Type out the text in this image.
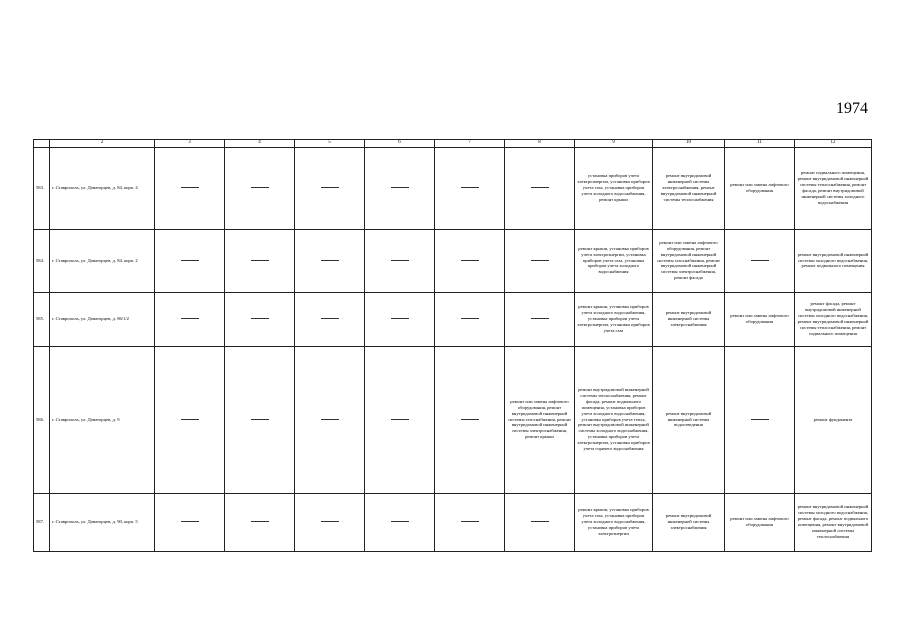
1974
	2	3	4	5	6	7	8	9	10	11	12
583.	г. Ставрополь, ул. Доваторцев, д. 84, корп. 4							установка приборов учета электроэнергии, установка приборов учета газа, установка приборов учета холодного водоснабжения, ремонт крыши	ремонт внутридомовой инженерной системы электроснабжения, ремонт внутридомовой инженерной системы теплоснабжения	ремонт или замена лифтового оборудования	ремонт подвального помещения, ремонт внутридомовой инженерной системы теплоснабжения, ремонт фасада, ремонт внутридомовой инженерной системы холодного водоснабжения
584.	г. Ставрополь, ул. Доваторцев, д. 84, корп. 2							ремонт крыши, установка приборов учета электроэнергии, установка приборов учета газа, установка приборов учета холодного водоснабжения	ремонт или замена лифтового оборудования, ремонт внутридомовой инженерной системы газоснабжения, ремонт внутридомовой инженерной системы электроснабжения, ремонт фасада		ремонт внутридомовой инженерной системы холодного водоснабжения, ремонт подвального помещения
585.	г. Ставрополь, ул. Доваторцев, д. 86/1/2							ремонт крыши, установка приборов учета холодного водоснабжения, установка приборов учета электроэнергии, установка приборов учета газа	ремонт внутридомовой инженерной системы электроснабжения	ремонт или замена лифтового оборудования	ремонт фасада, ремонт внутридомовой инженерной системы холодного водоснабжения, ремонт внутридомовой инженерной системы теплоснабжения, ремонт подвального помещения
586.	г. Ставрополь, ул. Доваторцев, д. 9						ремонт или замена лифтового оборудования, ремонт внутридомовой инженерной системы газоснабжения, ремонт внутридомовой инженерной системы электроснабжения, ремонт крыши	ремонт внутридомовой инженерной системы теплоснабжения, ремонт фасада, ремонт подвального помещения, установка приборов учета холодного водоснабжения, установка приборов учета тепла, ремонт внутридомовой инженерной системы холодного водоснабжения, установка приборов учета электроэнергии, установка приборов учета горячего водоснабжения	ремонт внутридомовой инженерной системы водоотведения		ремонт фундамента
587.	г. Ставрополь, ул. Доваторцев, д. 90, корп. 5							ремонт крыши, установка приборов учета газа, установка приборов учета холодного водоснабжения, установка приборов учета электроэнергии	ремонт внутридомовой инженерной системы электроснабжения	ремонт или замена лифтового оборудования	ремонт внутридомовой инженерной системы холодного водоснабжения, ремонт фасада, ремонт подвального помещения, ремонт внутридомовой инженерной системы теплоснабжения
